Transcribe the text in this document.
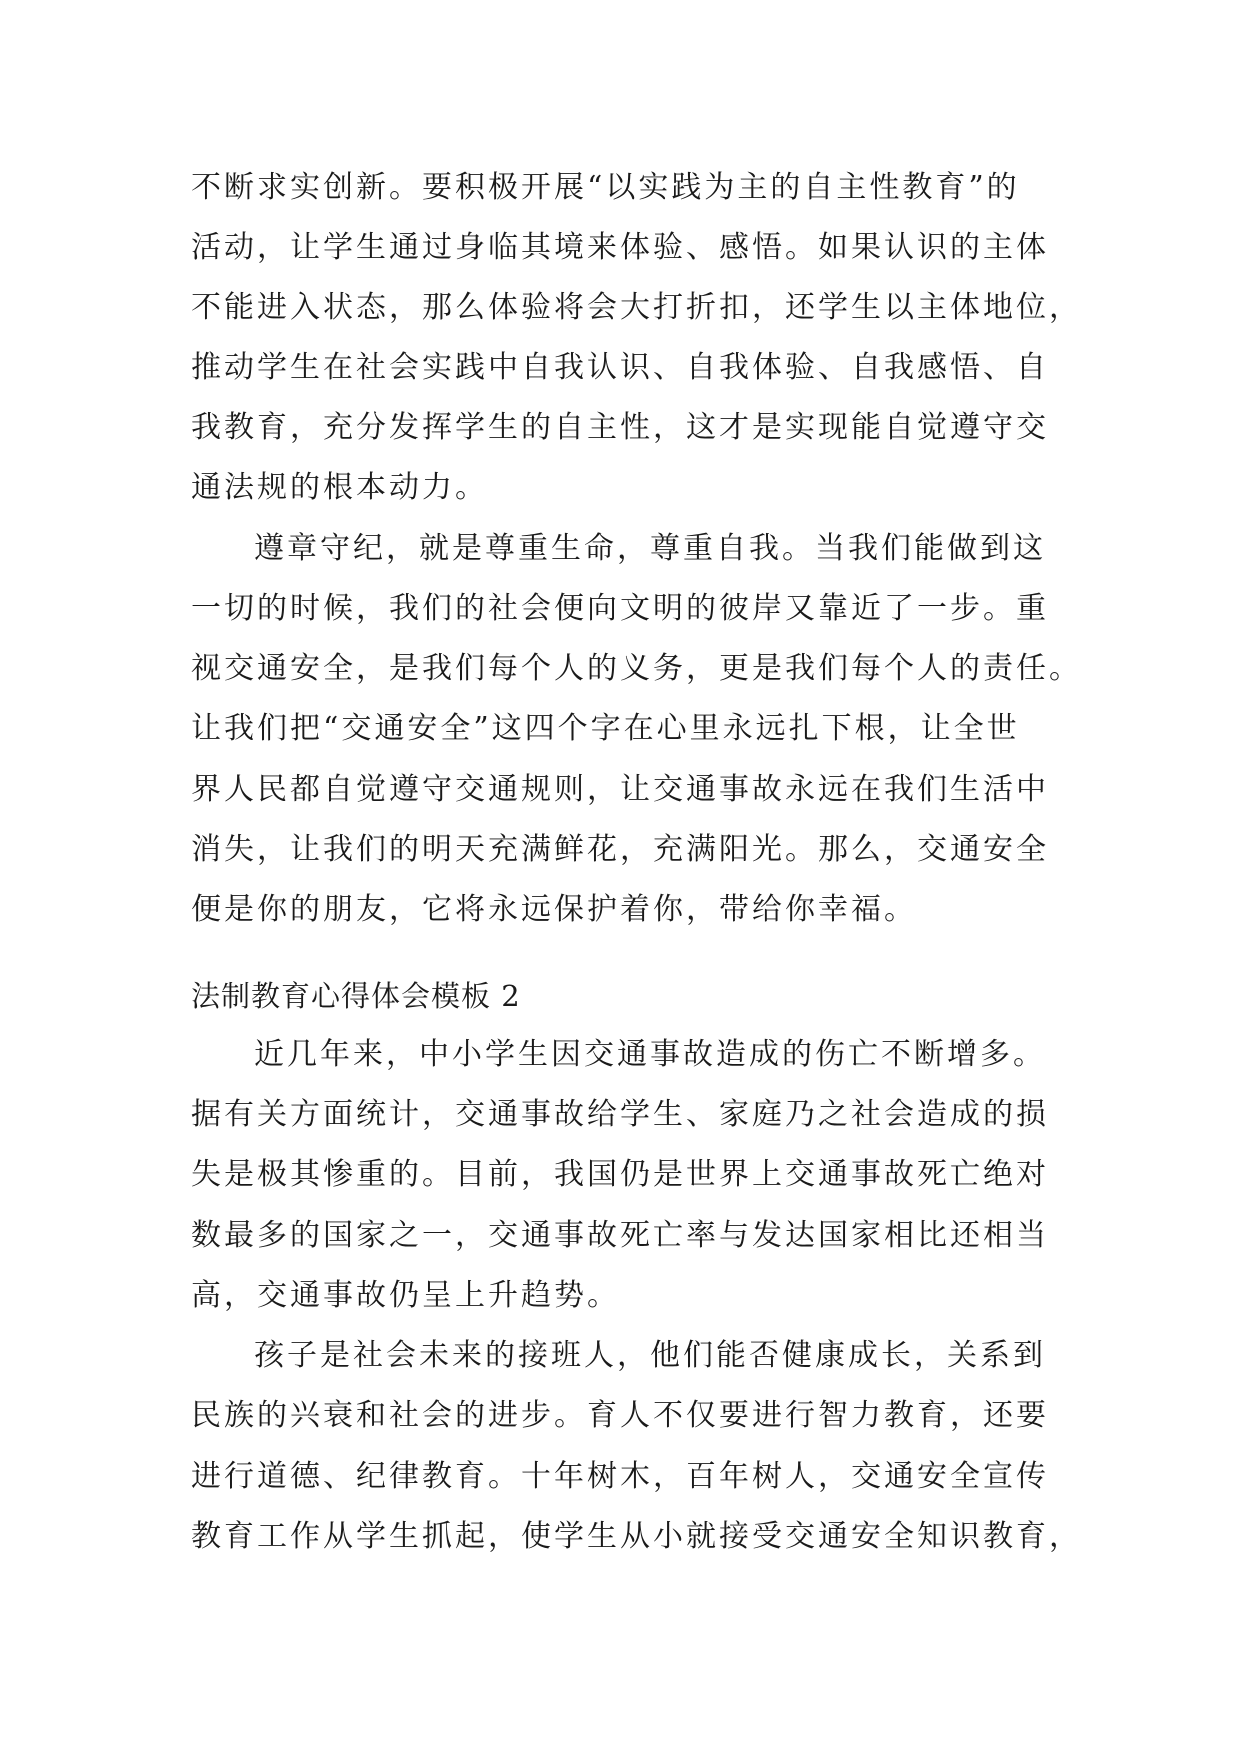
不断求实创新。要积极开展“以实践为主的自主性教育”的
活动，让学生通过身临其境来体验、感悟。如果认识的主体
不能进入状态，那么体验将会大打折扣，还学生以主体地位，
推动学生在社会实践中自我认识、自我体验、自我感悟、自
我教育，充分发挥学生的自主性，这才是实现能自觉遵守交
通法规的根本动力。
遵章守纪，就是尊重生命，尊重自我。当我们能做到这
一切的时候，我们的社会便向文明的彼岸又靠近了一步。重
视交通安全，是我们每个人的义务，更是我们每个人的责任。
让我们把“交通安全”这四个字在心里永远扎下根，让全世
界人民都自觉遵守交通规则，让交通事故永远在我们生活中
消失，让我们的明天充满鲜花，充满阳光。那么，交通安全
便是你的朋友，它将永远保护着你，带给你幸福。
法制教育心得体会模板 2
近几年来，中小学生因交通事故造成的伤亡不断增多。
据有关方面统计，交通事故给学生、家庭乃之社会造成的损
失是极其惨重的。目前，我国仍是世界上交通事故死亡绝对
数最多的国家之一，交通事故死亡率与发达国家相比还相当
高，交通事故仍呈上升趋势。
孩子是社会未来的接班人，他们能否健康成长，关系到
民族的兴衰和社会的进步。育人不仅要进行智力教育，还要
进行道德、纪律教育。十年树木，百年树人，交通安全宣传
教育工作从学生抓起，使学生从小就接受交通安全知识教育，
